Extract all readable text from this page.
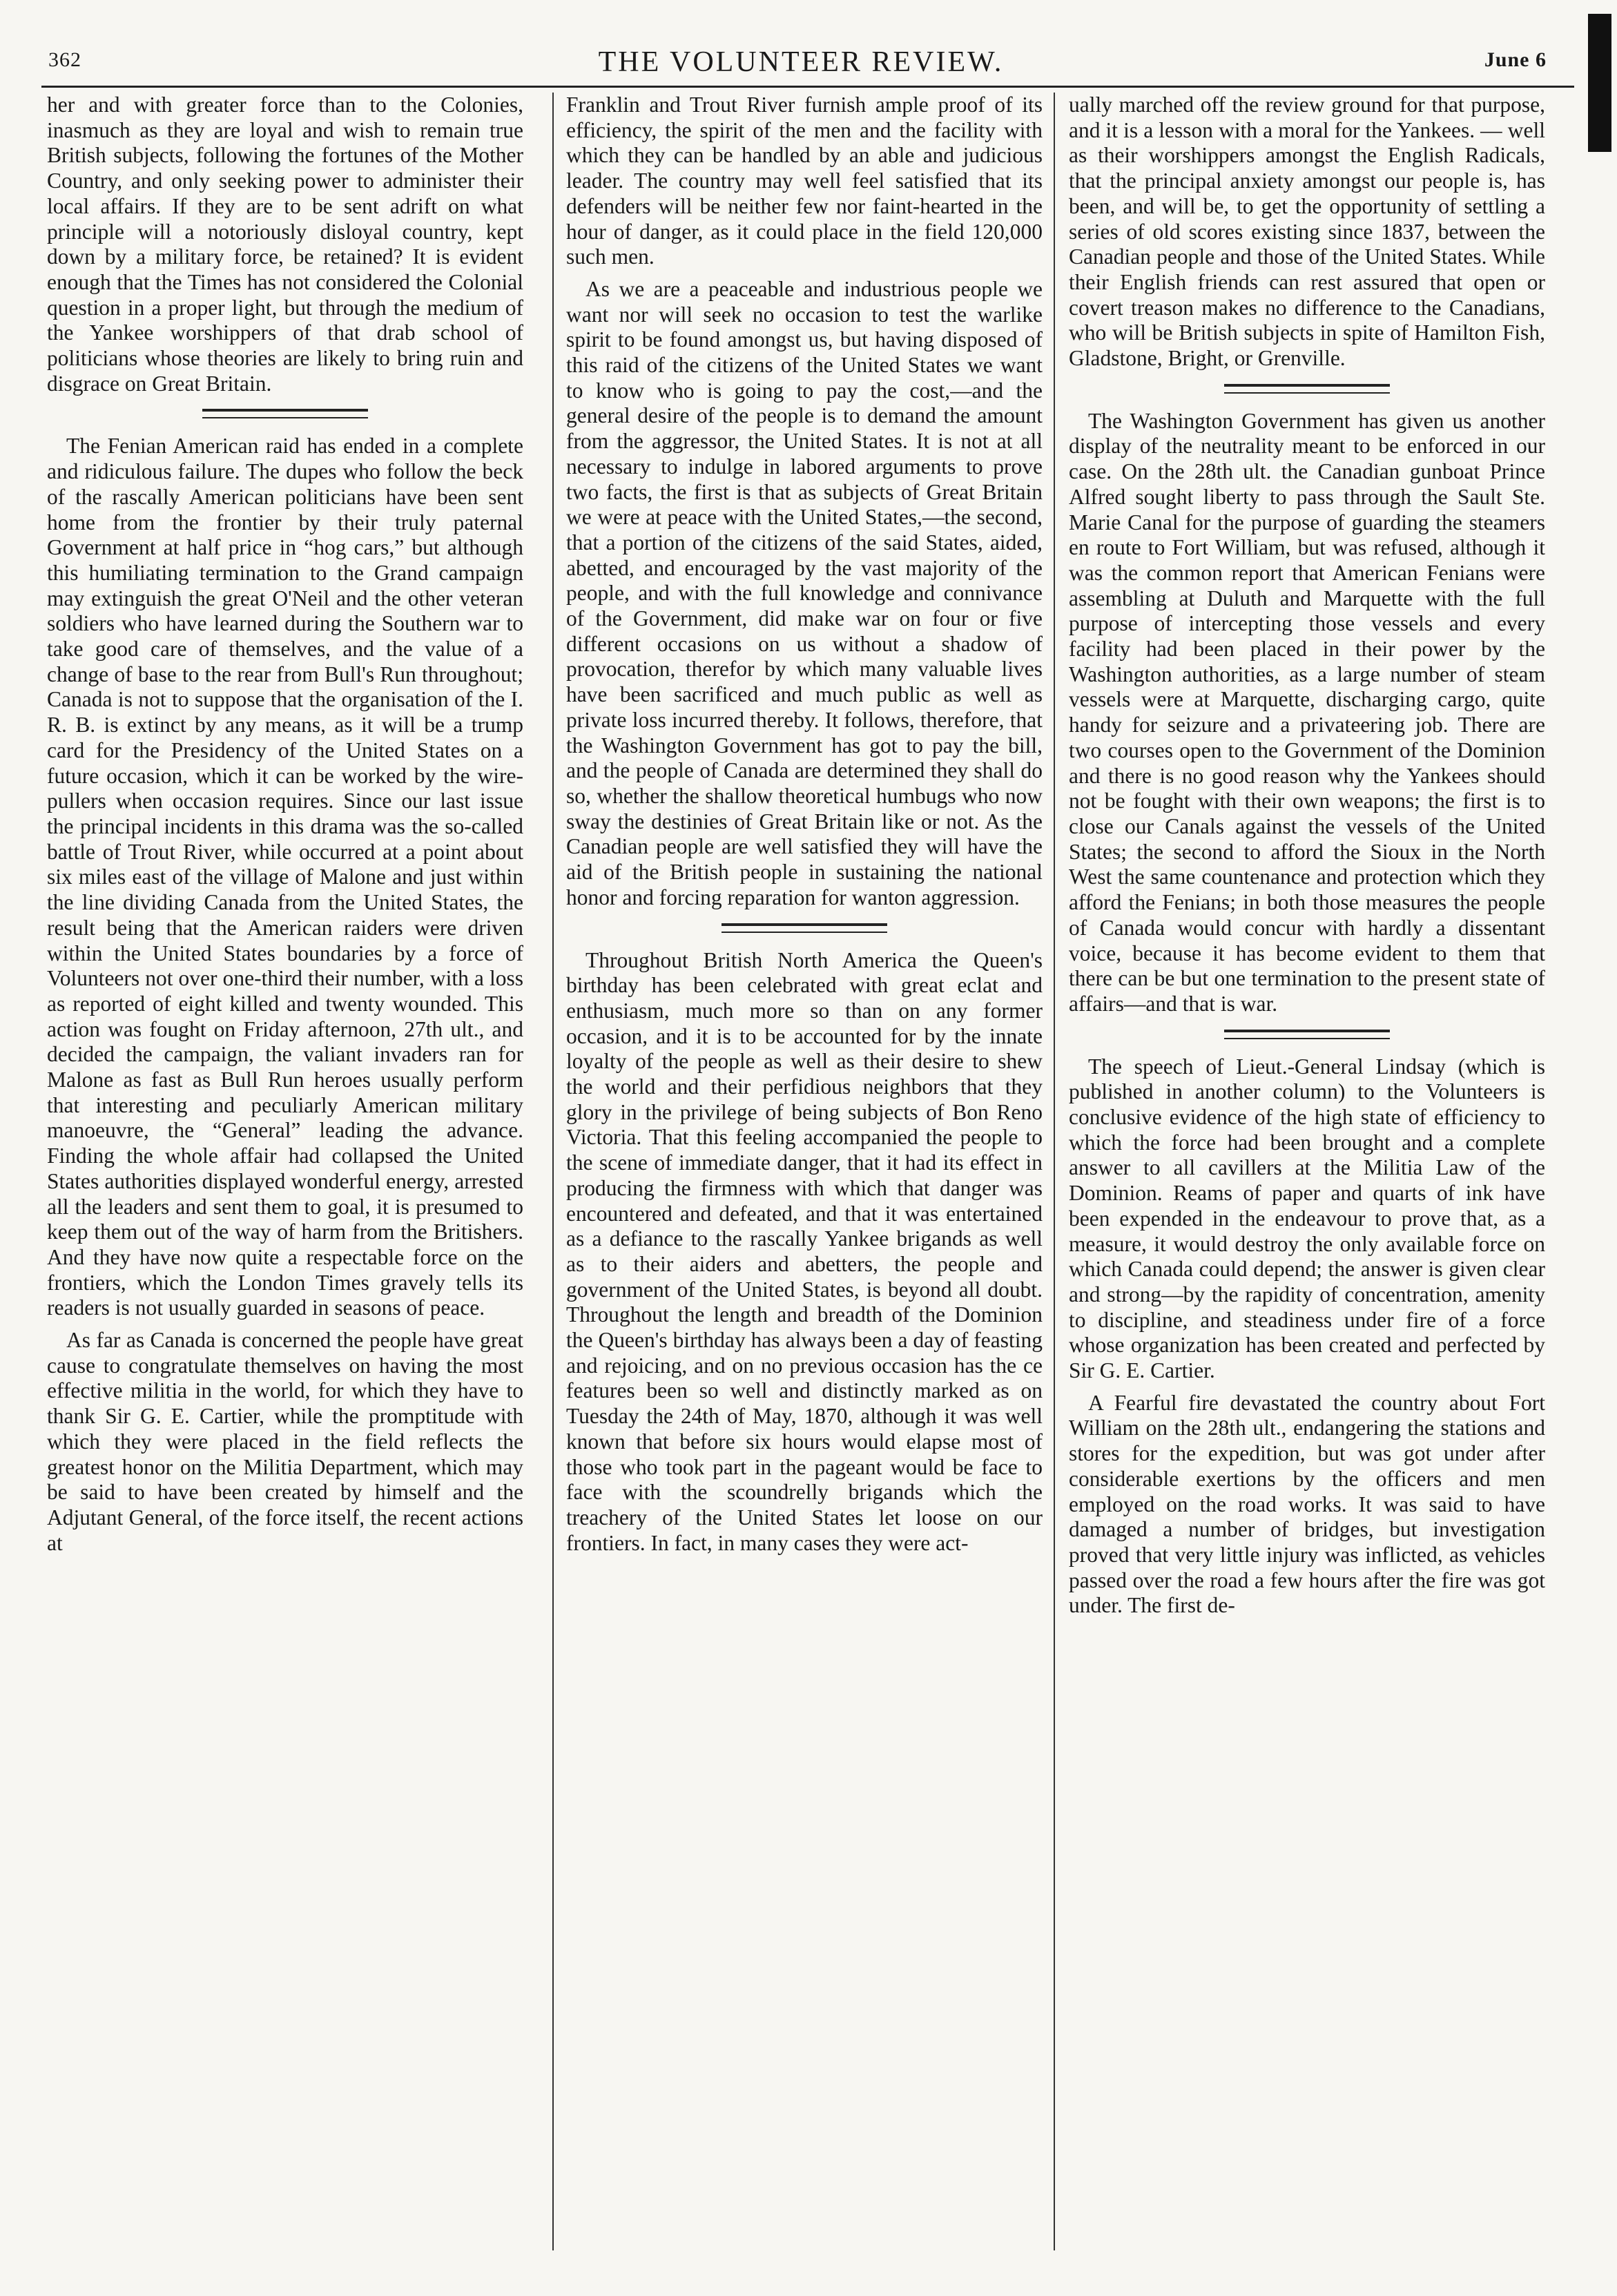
362	THE VOLUNTEER REVIEW.	June 6

her and with greater force than to the Colonies, inasmuch as they are loyal and wish to remain true British subjects, following the fortunes of the Mother Country, and only seeking power to administer their local affairs. If they are to be sent adrift on what principle will a notoriously disloyal country, kept down by a military force, be retained? It is evident enough that the Times has not considered the Colonial question in a proper light, but through the medium of the Yankee worshippers of that drab school of politicians whose theories are likely to bring ruin and disgrace on Great Britain.

The Fenian American raid has ended in a complete and ridiculous failure. The dupes who follow the beck of the rascally American politicians have been sent home from the frontier by their truly paternal Government at half price in “hog cars,” but although this humiliating termination to the Grand campaign may extinguish the great O'Neil and the other veteran soldiers who have learned during the Southern war to take good care of themselves, and the value of a change of base to the rear from Bull's Run throughout; Canada is not to suppose that the organisation of the I. R. B. is extinct by any means, as it will be a trump card for the Presidency of the United States on a future occasion, which it can be worked by the wire-pullers when occasion requires. Since our last issue the principal incidents in this drama was the so-called battle of Trout River, while occurred at a point about six miles east of the village of Malone and just within the line dividing Canada from the United States, the result being that the American raiders were driven within the United States boundaries by a force of Volunteers not over one-third their number, with a loss as reported of eight killed and twenty wounded. This action was fought on Friday afternoon, 27th ult., and decided the campaign, the valiant invaders ran for Malone as fast as Bull Run heroes usually perform that interesting and peculiarly American military manoeuvre, the “General” leading the advance. Finding the whole affair had collapsed the United States authorities displayed wonderful energy, arrested all the leaders and sent them to goal, it is presumed to keep them out of the way of harm from the Britishers. And they have now quite a respectable force on the frontiers, which the London Times gravely tells its readers is not usually guarded in seasons of peace.

As far as Canada is concerned the people have great cause to congratulate themselves on having the most effective militia in the world, for which they have to thank Sir G. E. Cartier, while the promptitude with which they were placed in the field reflects the greatest honor on the Militia Department, which may be said to have been created by himself and the Adjutant General, of the force itself, the recent actions at

Franklin and Trout River furnish ample proof of its efficiency, the spirit of the men and the facility with which they can be handled by an able and judicious leader. The country may well feel satisfied that its defenders will be neither few nor faint-hearted in the hour of danger, as it could place in the field 120,000 such men.

As we are a peaceable and industrious people we want nor will seek no occasion to test the warlike spirit to be found amongst us, but having disposed of this raid of the citizens of the United States we want to know who is going to pay the cost,—and the general desire of the people is to demand the amount from the aggressor, the United States. It is not at all necessary to indulge in labored arguments to prove two facts, the first is that as subjects of Great Britain we were at peace with the United States,—the second, that a portion of the citizens of the said States, aided, abetted, and encouraged by the vast majority of the people, and with the full knowledge and connivance of the Government, did make war on four or five different occasions on us without a shadow of provocation, therefor by which many valuable lives have been sacrificed and much public as well as private loss incurred thereby. It follows, therefore, that the Washington Government has got to pay the bill, and the people of Canada are determined they shall do so, whether the shallow theoretical humbugs who now sway the destinies of Great Britain like or not. As the Canadian people are well satisfied they will have the aid of the British people in sustaining the national honor and forcing reparation for wanton aggression.

Throughout British North America the Queen's birthday has been celebrated with great eclat and enthusiasm, much more so than on any former occasion, and it is to be accounted for by the innate loyalty of the people as well as their desire to shew the world and their perfidious neighbors that they glory in the privilege of being subjects of Bon Reno Victoria. That this feeling accompanied the people to the scene of immediate danger, that it had its effect in producing the firmness with which that danger was encountered and defeated, and that it was entertained as a defiance to the rascally Yankee brigands as well as to their aiders and abetters, the people and government of the United States, is beyond all doubt. Throughout the length and breadth of the Dominion the Queen's birthday has always been a day of feasting and rejoicing, and on no previous occasion has the ce features been so well and distinctly marked as on Tuesday the 24th of May, 1870, although it was well known that before six hours would elapse most of those who took part in the pageant would be face to face with the scoundrelly brigands which the treachery of the United States let loose on our frontiers. In fact, in many cases they were act-

ually marched off the review ground for that purpose, and it is a lesson with a moral for the Yankees. — well as their worshippers amongst the English Radicals, that the principal anxiety amongst our people is, has been, and will be, to get the opportunity of settling a series of old scores existing since 1837, between the Canadian people and those of the United States. While their English friends can rest assured that open or covert treason makes no difference to the Canadians, who will be British subjects in spite of Hamilton Fish, Gladstone, Bright, or Grenville.

The Washington Government has given us another display of the neutrality meant to be enforced in our case. On the 28th ult. the Canadian gunboat Prince Alfred sought liberty to pass through the Sault Ste. Marie Canal for the purpose of guarding the steamers en route to Fort William, but was refused, although it was the common report that American Fenians were assembling at Duluth and Marquette with the full purpose of intercepting those vessels and every facility had been placed in their power by the Washington authorities, as a large number of steam vessels were at Marquette, discharging cargo, quite handy for seizure and a privateering job. There are two courses open to the Government of the Dominion and there is no good reason why the Yankees should not be fought with their own weapons; the first is to close our Canals against the vessels of the United States; the second to afford the Sioux in the North West the same countenance and protection which they afford the Fenians; in both those measures the people of Canada would concur with hardly a dissentant voice, because it has become evident to them that there can be but one termination to the present state of affairs—and that is war.

The speech of Lieut.-General Lindsay (which is published in another column) to the Volunteers is conclusive evidence of the high state of efficiency to which the force had been brought and a complete answer to all cavillers at the Militia Law of the Dominion. Reams of paper and quarts of ink have been expended in the endeavour to prove that, as a measure, it would destroy the only available force on which Canada could depend; the answer is given clear and strong—by the rapidity of concentration, amenity to discipline, and steadiness under fire of a force whose organization has been created and perfected by Sir G. E. Cartier.

A Fearful fire devastated the country about Fort William on the 28th ult., endangering the stations and stores for the expedition, but was got under after considerable exertions by the officers and men employed on the road works. It was said to have damaged a number of bridges, but investigation proved that very little injury was inflicted, as vehicles passed over the road a few hours after the fire was got under. The first de-
